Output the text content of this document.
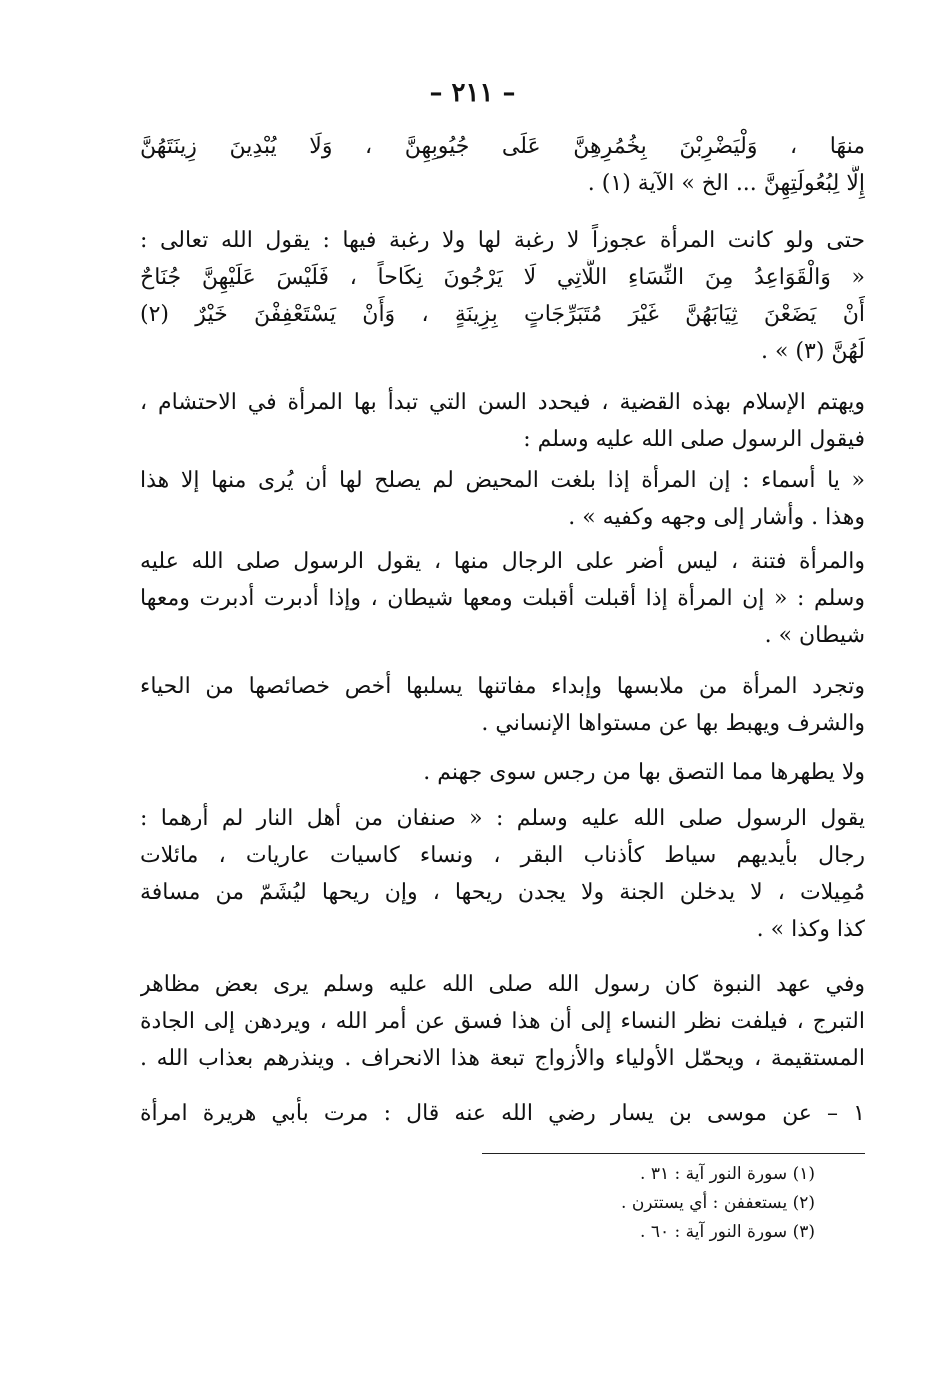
– ٢١١ –
منهَا ، وَلْيَضْرِبْنَ بِخُمُرِهِنَّ عَلَى جُيُوبِهِنَّ ، وَلَا يُبْدِينَ زِينَتَهُنَّ
إِلَّا لِبُعُولَتِهِنَّ ... الخ » الآية (١) .
حتى ولو كانت المرأة عجوزاً لا رغبة لها ولا رغبة فيها : يقول الله تعالى :
« وَالْقَوَاعِدُ مِنَ النِّسَاءِ اللَّاتِي لَا يَرْجُونَ نِكَاحاً ، فَلَيْسَ عَلَيْهِنَّ جُنَاحٌ
أَنْ يَضَعْنَ ثِيَابَهُنَّ غَيْرَ مُتَبَرِّجَاتٍ بِزِينَةٍ ، وَأَنْ يَسْتَعْفِفْنَ خَيْرٌ (٢)
لَهُنَّ (٣) » .
ويهتم الإسلام بهذه القضية ، فيحدد السن التي تبدأ بها المرأة في الاحتشام ،
فيقول الرسول صلى الله عليه وسلم :
« يا أسماء : إن المرأة إذا بلغت المحيض لم يصلح لها أن يُرى منها إلا هذا
وهذا . وأشار إلى وجهه وكفيه » .
والمرأة فتنة ، ليس أضر على الرجال منها ، يقول الرسول صلى الله عليه
وسلم : « إن المرأة إذا أقبلت أقبلت ومعها شيطان ، وإذا أدبرت أدبرت ومعها
شيطان » .
وتجرد المرأة من ملابسها وإبداء مفاتنها يسلبها أخص خصائصها من الحياء
والشرف ويهبط بها عن مستواها الإنساني .
ولا يطهرها مما التصق بها من رجس سوى جهنم .
يقول الرسول صلى الله عليه وسلم : « صنفان من أهل النار لم أرهما :
رجال بأيديهم سياط كأذناب البقر ، ونساء كاسيات عاريات ، مائلات
مُمِيلات ، لا يدخلن الجنة ولا يجدن ريحها ، وإن ريحها ليُشَمّ من مسافة
كذا وكذا » .
وفي عهد النبوة كان رسول الله صلى الله عليه وسلم يرى بعض مظاهر
التبرج ، فيلفت نظر النساء إلى أن هذا فسق عن أمر الله ، ويردهن إلى الجادة
المستقيمة ، ويحمّل الأولياء والأزواج تبعة هذا الانحراف . وينذرهم بعذاب الله .
١ – عن موسى بن يسار رضي الله عنه قال : مرت بأبي هريرة امرأة
(١) سورة النور آية : ٣١ .
(٢) يستعففن : أي يستترن .
(٣) سورة النور آية : ٦٠ .
